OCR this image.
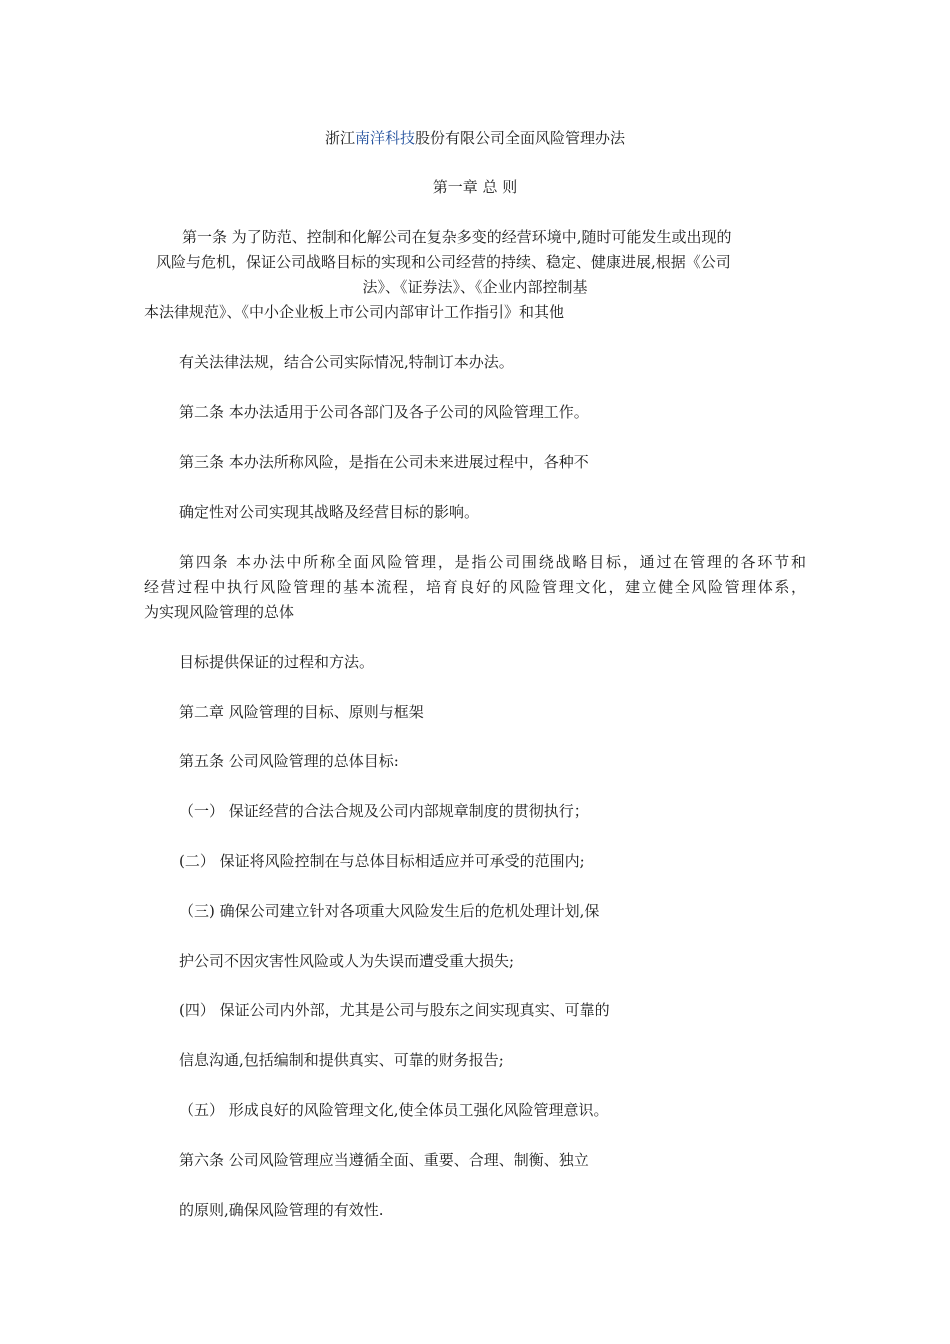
浙江南洋科技股份有限公司全面风险管理办法
第一章 总 则
第一条 为了防范、控制和化解公司在复杂多变的经营环境中,随时可能发生或出现的
风险与危机，保证公司战略目标的实现和公司经营的持续、稳定、健康进展,根据《公司
法》、《证券法》、《企业内部控制基
本法律规范》、《中小企业板上市公司内部审计工作指引》和其他
有关法律法规，结合公司实际情况,特制订本办法。
第二条 本办法适用于公司各部门及各子公司的风险管理工作。
第三条 本办法所称风险，是指在公司未来进展过程中，各种不
确定性对公司实现其战略及经营目标的影响。
第四条 本办法中所称全面风险管理，是指公司围绕战略目标，通过在管理的各环节和
经营过程中执行风险管理的基本流程，培育良好的风险管理文化，建立健全风险管理体系，
为实现风险管理的总体
目标提供保证的过程和方法。
第二章 风险管理的目标、原则与框架
第五条 公司风险管理的总体目标:
（一） 保证经营的合法合规及公司内部规章制度的贯彻执行；
(二） 保证将风险控制在与总体目标相适应并可承受的范围内;
（三) 确保公司建立针对各项重大风险发生后的危机处理计划,保
护公司不因灾害性风险或人为失误而遭受重大损失;
(四） 保证公司内外部，尤其是公司与股东之间实现真实、可靠的
信息沟通,包括编制和提供真实、可靠的财务报告;
（五） 形成良好的风险管理文化,使全体员工强化风险管理意识。
第六条 公司风险管理应当遵循全面、重要、合理、制衡、独立
的原则,确保风险管理的有效性.
